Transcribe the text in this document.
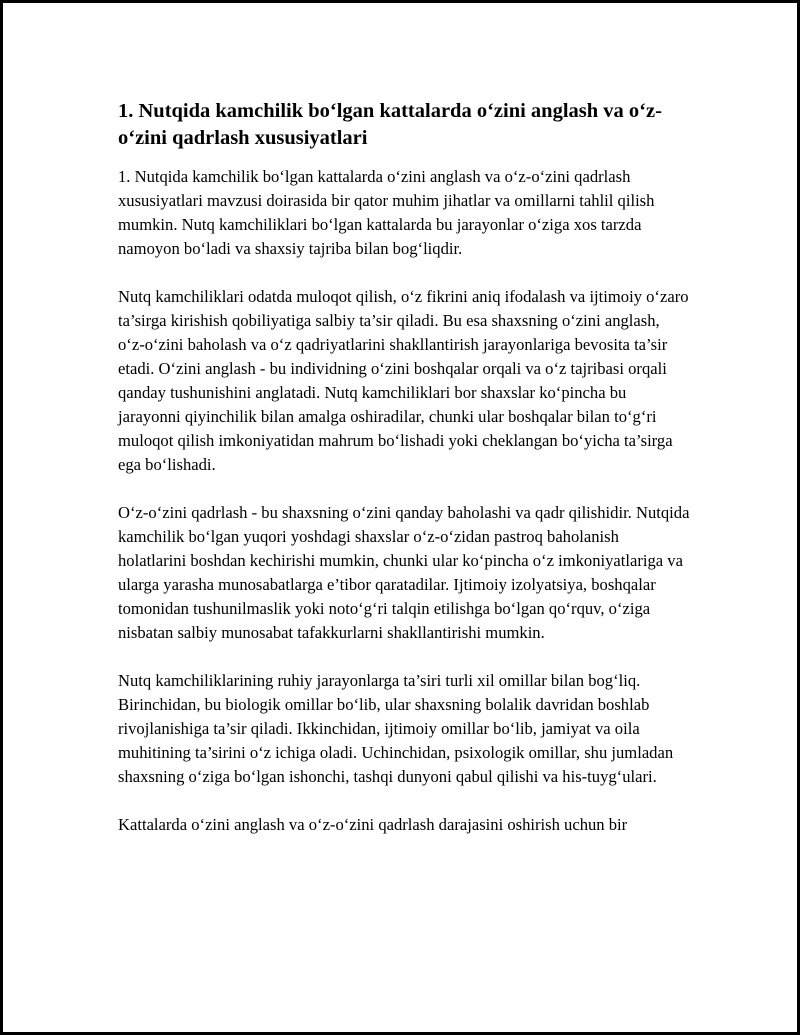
1. Nutqida kamchilik bo‘lgan kattalarda o‘zini anglash va o‘z-o‘zini qadrlash xususiyatlari

1. Nutqida kamchilik bo‘lgan kattalarda o‘zini anglash va o‘z-o‘zini qadrlash xususiyatlari mavzusi doirasida bir qator muhim jihatlar va omillarni tahlil qilish mumkin. Nutq kamchiliklari bo‘lgan kattalarda bu jarayonlar o‘ziga xos tarzda namoyon bo‘ladi va shaxsiy tajriba bilan bog‘liqdir.

Nutq kamchiliklari odatda muloqot qilish, o‘z fikrini aniq ifodalash va ijtimoiy o‘zaro ta’sirga kirishish qobiliyatiga salbiy ta’sir qiladi. Bu esa shaxsning o‘zini anglash, o‘z-o‘zini baholash va o‘z qadriyatlarini shakllantirish jarayonlariga bevosita ta’sir etadi. O‘zini anglash - bu individning o‘zini boshqalar orqali va o‘z tajribasi orqali qanday tushunishini anglatadi. Nutq kamchiliklari bor shaxslar ko‘pincha bu jarayonni qiyinchilik bilan amalga oshiradilar, chunki ular boshqalar bilan to‘g‘ri muloqot qilish imkoniyatidan mahrum bo‘lishadi yoki cheklangan bo‘yicha ta’sirga ega bo‘lishadi.

O‘z-o‘zini qadrlash - bu shaxsning o‘zini qanday baholashi va qadr qilishidir. Nutqida kamchilik bo‘lgan yuqori yoshdagi shaxslar o‘z-o‘zidan pastroq baholanish holatlarini boshdan kechirishi mumkin, chunki ular ko‘pincha o‘z imkoniyatlariga va ularga yarasha munosabatlarga e’tibor qaratadilar. Ijtimoiy izolyatsiya, boshqalar tomonidan tushunilmaslik yoki noto‘g‘ri talqin etilishga bo‘lgan qo‘rquv, o‘ziga nisbatan salbiy munosabat tafakkurlarni shakllantirishi mumkin.

Nutq kamchiliklarining ruhiy jarayonlarga ta’siri turli xil omillar bilan bog‘liq. Birinchidan, bu biologik omillar bo‘lib, ular shaxsning bolalik davridan boshlab rivojlanishiga ta’sir qiladi. Ikkinchidan, ijtimoiy omillar bo‘lib, jamiyat va oila muhitining ta’sirini o‘z ichiga oladi. Uchinchidan, psixologik omillar, shu jumladan shaxsning o‘ziga bo‘lgan ishonchi, tashqi dunyoni qabul qilishi va his-tuyg‘ulari.

Kattalarda o‘zini anglash va o‘z-o‘zini qadrlash darajasini oshirish uchun bir
